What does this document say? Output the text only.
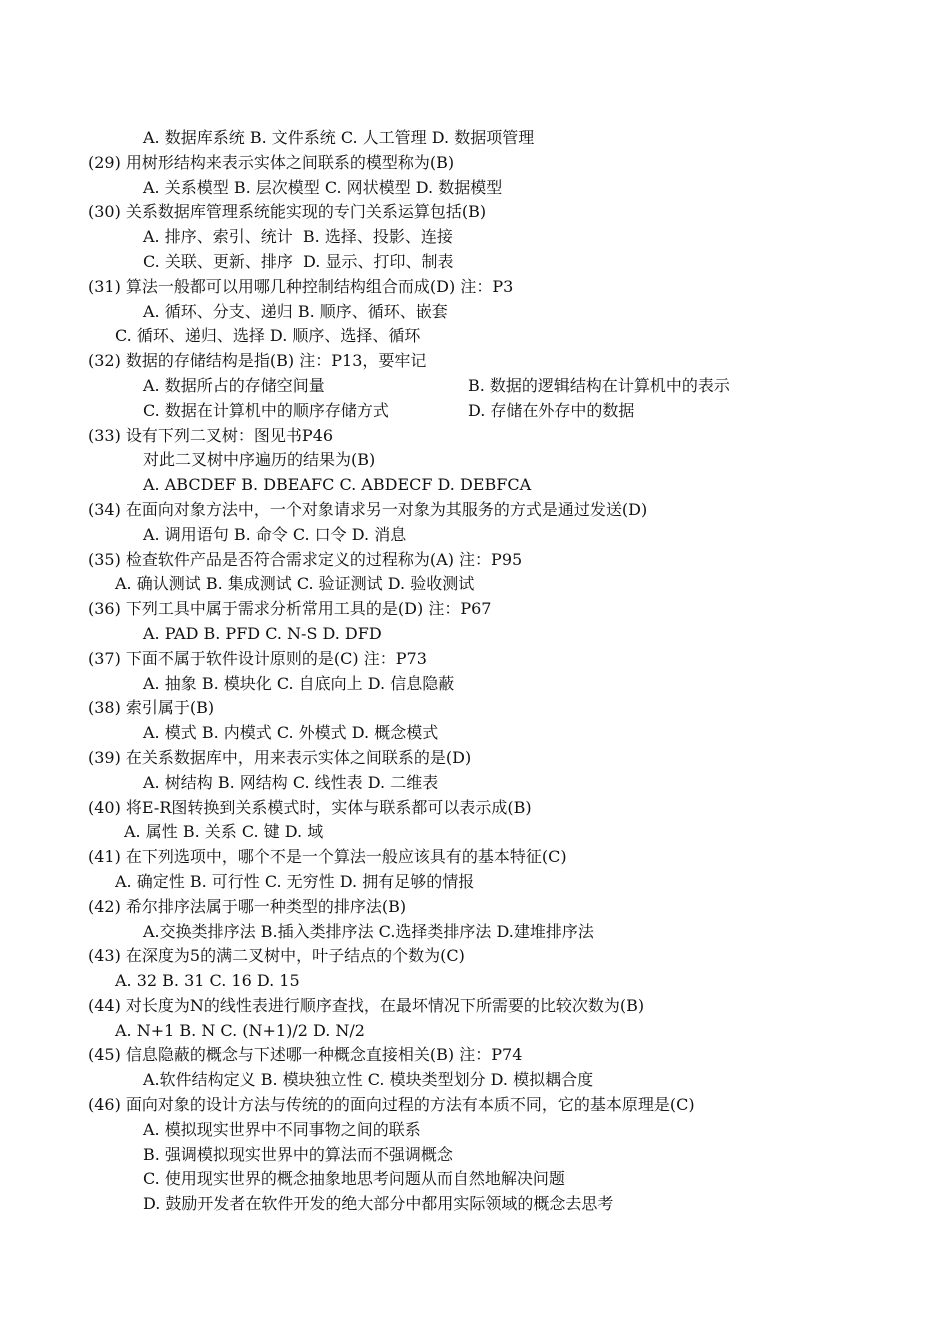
A. 数据库系统 B. 文件系统 C. 人工管理 D. 数据项管理
(29) 用树形结构来表示实体之间联系的模型称为(B)
A. 关系模型 B. 层次模型 C. 网状模型 D. 数据模型
(30) 关系数据库管理系统能实现的专门关系运算包括(B)
A. 排序、索引、统计  B. 选择、投影、连接
C. 关联、更新、排序  D. 显示、打印、制表
(31) 算法一般都可以用哪几种控制结构组合而成(D) 注：P3
A. 循环、分支、递归 B. 顺序、循环、嵌套
C. 循环、递归、选择 D. 顺序、选择、循环
(32) 数据的存储结构是指(B) 注：P13，要牢记
A. 数据所占的存储空间量	B. 数据的逻辑结构在计算机中的表示
C. 数据在计算机中的顺序存储方式	D. 存储在外存中的数据
(33) 设有下列二叉树：图见书P46
对此二叉树中序遍历的结果为(B)
A. ABCDEF B. DBEAFC C. ABDECF D. DEBFCA
(34) 在面向对象方法中，一个对象请求另一对象为其服务的方式是通过发送(D)
A. 调用语句 B. 命令 C. 口令 D. 消息
(35) 检查软件产品是否符合需求定义的过程称为(A) 注：P95
A. 确认测试 B. 集成测试 C. 验证测试 D. 验收测试
(36) 下列工具中属于需求分析常用工具的是(D) 注：P67
A. PAD B. PFD C. N-S D. DFD
(37) 下面不属于软件设计原则的是(C) 注：P73
A. 抽象 B. 模块化 C. 自底向上 D. 信息隐蔽
(38) 索引属于(B)
A. 模式 B. 内模式 C. 外模式 D. 概念模式
(39) 在关系数据库中，用来表示实体之间联系的是(D)
A. 树结构 B. 网结构 C. 线性表 D. 二维表
(40) 将E-R图转换到关系模式时，实体与联系都可以表示成(B)
A. 属性 B. 关系 C. 键 D. 域
(41) 在下列选项中，哪个不是一个算法一般应该具有的基本特征(C)
A. 确定性 B. 可行性 C. 无穷性 D. 拥有足够的情报
(42) 希尔排序法属于哪一种类型的排序法(B)
A.交换类排序法 B.插入类排序法 C.选择类排序法 D.建堆排序法
(43) 在深度为5的满二叉树中，叶子结点的个数为(C)
A. 32 B. 31 C. 16 D. 15
(44) 对长度为N的线性表进行顺序查找，在最坏情况下所需要的比较次数为(B)
A. N+1 B. N C. (N+1)/2 D. N/2
(45) 信息隐蔽的概念与下述哪一种概念直接相关(B) 注：P74
A.软件结构定义 B. 模块独立性 C. 模块类型划分 D. 模拟耦合度
(46) 面向对象的设计方法与传统的的面向过程的方法有本质不同，它的基本原理是(C)
A. 模拟现实世界中不同事物之间的联系
B. 强调模拟现实世界中的算法而不强调概念
C. 使用现实世界的概念抽象地思考问题从而自然地解决问题
D. 鼓励开发者在软件开发的绝大部分中都用实际领域的概念去思考
